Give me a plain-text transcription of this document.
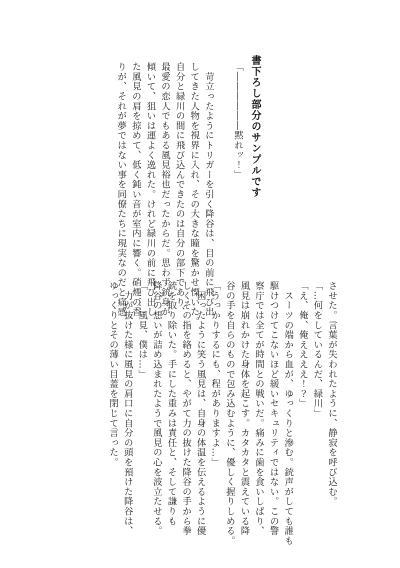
書下ろし部分のサンプルです
「――――――黙れッ！」

　苛立ったようにトリガーを引く降谷は、目の前に飛び出
してきた人物を視界に入れ、その大きな瞳を驚かせ慄いた。
自分と緑川の間に飛び込んできたのは自分の部下であり、
最愛の恋人でもある風見裕也だったからだ。思わず銃身が
傾いて、狙いは運よく逸れた。けれど緑川の前に飛び出し
た風見の肩を掠めて、低く鈍い音が室内に響く。硝煙の香
りが、それが夢ではない事を同僚たちに現実なのだと痛感
させた。言葉が失われたように、静寂を呼び込む。
「…何をしているんだ、緑川」
「え、俺、俺ええええ！？」
　スーツの端から血が、ゆっくりと滲む。銃声がしても誰も
駆けつけてこないほど緩いセキュリティではない。この警
察庁では全てが時間との戦いだ。痛みに歯を食いしばり、
風見は崩れかけた身体を起こす。カタカタと震えている降
谷の手を自らのもので包み込むように、優しく握りしめる。
「うっかりするにも、程がありますよ…」
　困ったように笑う風見は、自身の体温を伝えるように優
しくその指を絡めると、やがて力の抜けた降谷の手から拳
銃を取り除いた。手にした重みは責任と、そして謙りも
降谷の想いが詰め込まれたようで風見の心を波立たせる。
「……風見、僕は…」
　力が抜けた様に風見の肩口に自分の頭を預けた降谷は、
ゆっくりとその薄い目蓋を閉じて言った。
